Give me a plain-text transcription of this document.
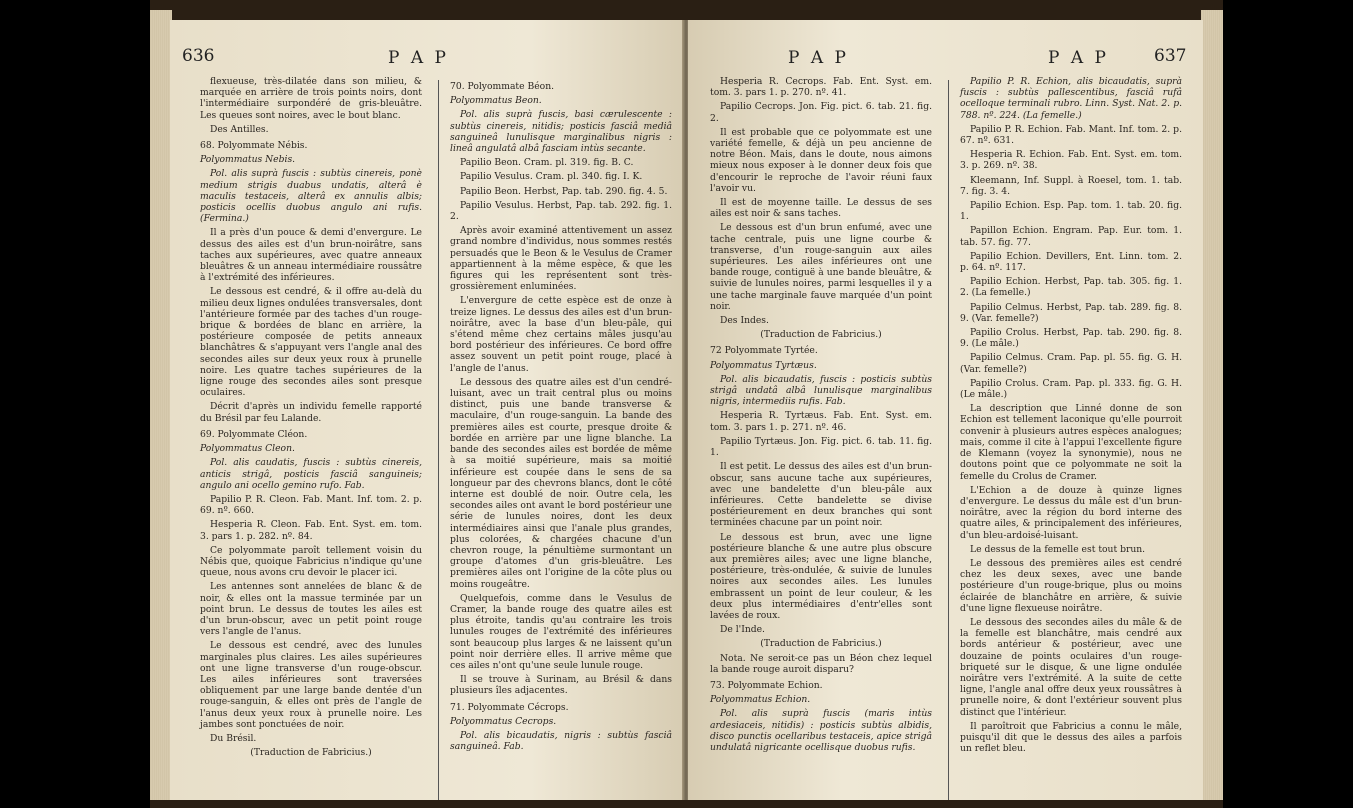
636	P A P

flexueuse, très-dilatée dans son milieu, & marquée en arrière de trois points noirs, dont l'intermédiaire surpondéré de gris-bleuâtre. Les queues sont noires, avec le bout blanc.

Des Antilles.

68. Polyommate Nébis.

Polyommatus Nebis.

Pol. alis suprà fuscis : subtùs cinereis, ponè medium strigis duabus undatis, alterâ è maculis testaceis, alterâ ex annulis albis; posticis ocellis duobus angulo ani rufis. (Fermina.)

Il a près d'un pouce & demi d'envergure. Le dessus des ailes est d'un brun-noirâtre, sans taches aux supérieures, avec quatre anneaux bleuâtres & un anneau intermédiaire roussâtre à l'extrémité des inférieures.

Le dessous est cendré, & il offre au-delà du milieu deux lignes ondulées transversales, dont l'antérieure formée par des taches d'un rouge-brique & bordées de blanc en arrière, la postérieure composée de petits anneaux blanchâtres & s'appuyant vers l'angle anal des secondes ailes sur deux yeux roux à prunelle noire. Les quatre taches supérieures de la ligne rouge des secondes ailes sont presque oculaires.

Décrit d'après un individu femelle rapporté du Brésil par feu Lalande.

69. Polyommate Cléon.

Polyommatus Cleon.

Pol. alis caudatis, fuscis : subtùs cinereis, anticis strigâ, posticis fasciâ sanguineis; angulo ani ocello gemino rufo. Fab.

Papilio P. R. Cleon. Fab. Mant. Inf. tom. 2. p. 69. nº. 660.

Hesperia R. Cleon. Fab. Ent. Syst. em. tom. 3. pars 1. p. 282. nº. 84.

Ce polyommate paroît tellement voisin du Nébis que, quoique Fabricius n'indique qu'une queue, nous avons cru devoir le placer ici.

Les antennes sont annelées de blanc & de noir, & elles ont la massue terminée par un point brun. Le dessus de toutes les ailes est d'un brun-obscur, avec un petit point rouge vers l'angle de l'anus.

Le dessous est cendré, avec des lunules marginales plus claires. Les ailes supérieures ont une ligne transverse d'un rouge-obscur. Les ailes inférieures sont traversées obliquement par une large bande dentée d'un rouge-sanguin, & elles ont près de l'angle de l'anus deux yeux roux à prunelle noire. Les jambes sont ponctuées de noir.

Du Brésil.

(Traduction de Fabricius.)

70. Polyommate Béon.

Polyommatus Beon.

Pol. alis suprà fuscis, basi cærulescente : subtùs cinereis, nitidis; posticis fasciâ mediâ sanguineâ lunulisque marginalibus nigris : lineâ angulatâ albâ fasciam intùs secante.

Papilio Beon. Cram. pl. 319. fig. B. C.

Papilio Vesulus. Cram. pl. 340. fig. I. K.

Papilio Beon. Herbst, Pap. tab. 290. fig. 4. 5.

Papilio Vesulus. Herbst, Pap. tab. 292. fig. 1. 2.

Après avoir examiné attentivement un assez grand nombre d'individus, nous sommes restés persuadés que le Beon & le Vesulus de Cramer appartiennent à la même espèce, & que les figures qui les représentent sont très-grossièrement enluminées.

L'envergure de cette espèce est de onze à treize lignes. Le dessus des ailes est d'un brun-noirâtre, avec la base d'un bleu-pâle, qui s'étend même chez certains mâles jusqu'au bord postérieur des inférieures. Ce bord offre assez souvent un petit point rouge, placé à l'angle de l'anus.

Le dessous des quatre ailes est d'un cendré-luisant, avec un trait central plus ou moins distinct, puis une bande transverse & maculaire, d'un rouge-sanguin. La bande des premières ailes est courte, presque droite & bordée en arrière par une ligne blanche. La bande des secondes ailes est bordée de même à sa moitié supérieure, mais sa moitié inférieure est coupée dans le sens de sa longueur par des chevrons blancs, dont le côté interne est doublé de noir. Outre cela, les secondes ailes ont avant le bord postérieur une série de lunules noires, dont les deux intermédiaires ainsi que l'anale plus grandes, plus colorées, & chargées chacune d'un chevron rouge, la pénultième surmontant un groupe d'atomes d'un gris-bleuâtre. Les premières ailes ont l'origine de la côte plus ou moins rougeâtre.

Quelquefois, comme dans le Vesulus de Cramer, la bande rouge des quatre ailes est plus étroite, tandis qu'au contraire les trois lunules rouges de l'extrémité des inférieures sont beaucoup plus larges & ne laissent qu'un point noir derrière elles. Il arrive même que ces ailes n'ont qu'une seule lunule rouge.

Il se trouve à Surinam, au Brésil & dans plusieurs îles adjacentes.

71. Polyommate Cécrops.

Polyommatus Cecrops.

Pol. alis bicaudatis, nigris : subtùs fasciâ sanguineâ. Fab.

P A P	P A P	637

Hesperia R. Cecrops. Fab. Ent. Syst. em. tom. 3. pars 1. p. 270. nº. 41.

Papilio Cecrops. Jon. Fig. pict. 6. tab. 21. fig. 2.

Il est probable que ce polyommate est une variété femelle, & déjà un peu ancienne de notre Béon. Mais, dans le doute, nous aimons mieux nous exposer à le donner deux fois que d'encourir le reproche de l'avoir réuni faux l'avoir vu.

Il est de moyenne taille. Le dessus de ses ailes est noir & sans taches.

Le dessous est d'un brun enfumé, avec une tache centrale, puis une ligne courbe & transverse, d'un rouge-sanguin aux ailes supérieures. Les ailes inférieures ont une bande rouge, contiguë à une bande bleuâtre, & suivie de lunules noires, parmi lesquelles il y a une tache marginale fauve marquée d'un point noir.

Des Indes.

(Traduction de Fabricius.)

72 Polyommate Tyrtée.

Polyommatus Tyrtæus.

Pol. alis bicaudatis, fuscis : posticis subtùs strigâ undatâ albâ lunulisque marginalibus nigris, intermediis rufis. Fab.

Hesperia R. Tyrtæus. Fab. Ent. Syst. em. tom. 3. pars 1. p. 271. nº. 46.

Papilio Tyrtæus. Jon. Fig. pict. 6. tab. 11. fig. 1.

Il est petit. Le dessus des ailes est d'un brun-obscur, sans aucune tache aux supérieures, avec une bandelette d'un bleu-pâle aux inférieures. Cette bandelette se divise postérieurement en deux branches qui sont terminées chacune par un point noir.

Le dessous est brun, avec une ligne postérieure blanche & une autre plus obscure aux premières ailes; avec une ligne blanche, postérieure, très-ondulée, & suivie de lunules noires aux secondes ailes. Les lunules embrassent un point de leur couleur, & les deux plus intermédiaires d'entr'elles sont lavées de roux.

De l'Inde.

(Traduction de Fabricius.)

Nota. Ne seroit-ce pas un Béon chez lequel la bande rouge auroit disparu?

73. Polyommate Echion.

Polyommatus Echion.

Pol. alis suprà fuscis (maris intùs ardesiaceis, nitidis) : posticis subtùs albidis, disco punctis ocellaribus testaceis, apice strigâ undulatâ nigricante ocellisque duobus rufis.

Papilio P. R. Echion, alis bicaudatis, suprà fuscis : subtùs pallescentibus, fasciâ rufâ ocelloque terminali rubro. Linn. Syst. Nat. 2. p. 788. nº. 224. (La femelle.)

Papilio P. R. Echion. Fab. Mant. Inf. tom. 2. p. 67. nº. 631.

Hesperia R. Echion. Fab. Ent. Syst. em. tom. 3. p. 269. nº. 38.

Kleemann, Inf. Suppl. à Roesel, tom. 1. tab. 7. fig. 3. 4.

Papilio Echion. Esp. Pap. tom. 1. tab. 20. fig. 1.

Papillon Echion. Engram. Pap. Eur. tom. 1. tab. 57. fig. 77.

Papilio Echion. Devillers, Ent. Linn. tom. 2. p. 64. nº. 117.

Papilio Echion. Herbst, Pap. tab. 305. fig. 1. 2. (La femelle.)

Papilio Celmus. Herbst, Pap. tab. 289. fig. 8. 9. (Var. femelle?)

Papilio Crolus. Herbst, Pap. tab. 290. fig. 8. 9. (Le mâle.)

Papilio Celmus. Cram. Pap. pl. 55. fig. G. H. (Var. femelle?)

Papilio Crolus. Cram. Pap. pl. 333. fig. G. H. (Le mâle.)

La description que Linné donne de son Echion est tellement laconique qu'elle pourroit convenir à plusieurs autres espèces analogues; mais, comme il cite à l'appui l'excellente figure de Klemann (voyez la synonymie), nous ne doutons point que ce polyommate ne soit la femelle du Crolus de Cramer.

L'Echion a de douze à quinze lignes d'envergure. Le dessus du mâle est d'un brun-noirâtre, avec la région du bord interne des quatre ailes, & principalement des inférieures, d'un bleu-ardoisé-luisant.

Le dessus de la femelle est tout brun.

Le dessous des premières ailes est cendré chez les deux sexes, avec une bande postérieure d'un rouge-brique, plus ou moins éclairée de blanchâtre en arrière, & suivie d'une ligne flexueuse noirâtre.

Le dessous des secondes ailes du mâle & de la femelle est blanchâtre, mais cendré aux bords antérieur & postérieur, avec une douzaine de points oculaires d'un rouge-briqueté sur le disque, & une ligne ondulée noirâtre vers l'extrémité. A la suite de cette ligne, l'angle anal offre deux yeux roussâtres à prunelle noire, & dont l'extérieur souvent plus distinct que l'intérieur.

Il paroîtroit que Fabricius a connu le mâle, puisqu'il dit que le dessus des ailes a parfois un reflet bleu.
